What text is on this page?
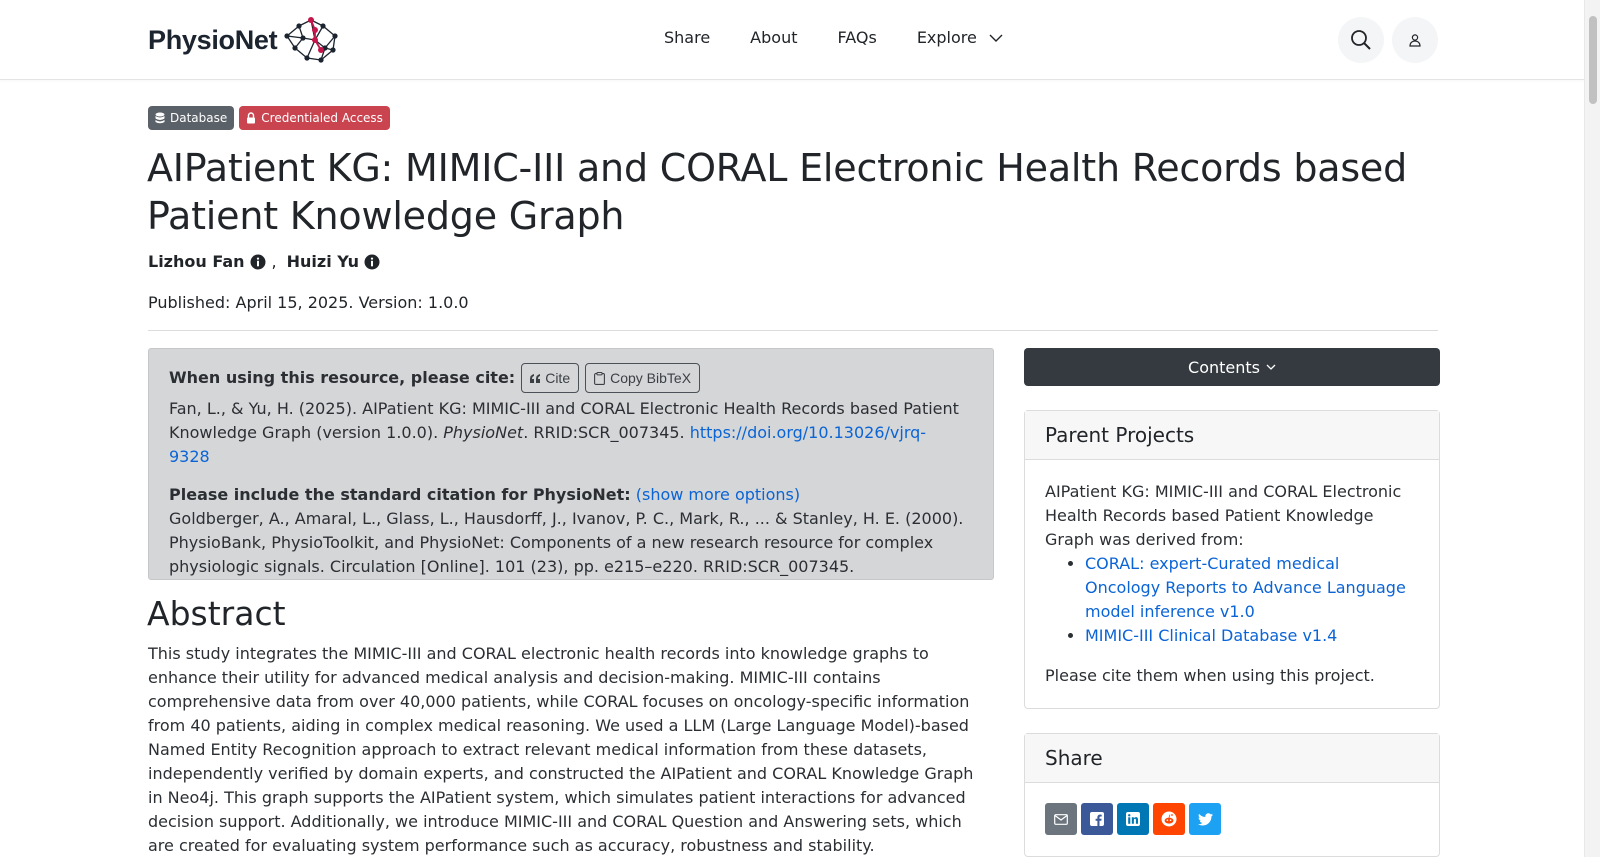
PhysioNet	Share	About	FAQs	Explore
Database	Credentialed Access
AIPatient KG: MIMIC-III and CORAL Electronic Health Records based Patient Knowledge Graph
Lizhou Fan , Huizi Yu
Published: April 15, 2025. Version: 1.0.0
When using this resource, please cite: Cite	Copy BibTeX
Fan, L., & Yu, H. (2025). AIPatient KG: MIMIC-III and CORAL Electronic Health Records based Patient Knowledge Graph (version 1.0.0). PhysioNet. RRID:SCR_007345. https://doi.org/10.13026/vjrq-9328
Please include the standard citation for PhysioNet: (show more options)
Goldberger, A., Amaral, L., Glass, L., Hausdorff, J., Ivanov, P. C., Mark, R., ... & Stanley, H. E. (2000). PhysioBank, PhysioToolkit, and PhysioNet: Components of a new research resource for complex physiologic signals. Circulation [Online]. 101 (23), pp. e215–e220. RRID:SCR_007345.
Abstract

This study integrates the MIMIC-III and CORAL electronic health records into knowledge graphs to enhance their utility for advanced medical analysis and decision-making. MIMIC-III contains comprehensive data from over 40,000 patients, while CORAL focuses on oncology-specific information from 40 patients, aiding in complex medical reasoning. We used a LLM (Large Language Model)-based Named Entity Recognition approach to extract relevant medical information from these datasets, independently verified by domain experts, and constructed the AIPatient and CORAL Knowledge Graph in Neo4j. This graph supports the AIPatient system, which simulates patient interactions for advanced decision support. Additionally, we introduce MIMIC-III and CORAL Question and Answering sets, which are created for evaluating system performance such as accuracy, robustness and stability.

Contents
Parent Projects
AIPatient KG: MIMIC-III and CORAL Electronic Health Records based Patient Knowledge Graph was derived from:
• CORAL: expert-Curated medical Oncology Reports to Advance Language model inference v1.0
• MIMIC-III Clinical Database v1.4
Please cite them when using this project.
Share
